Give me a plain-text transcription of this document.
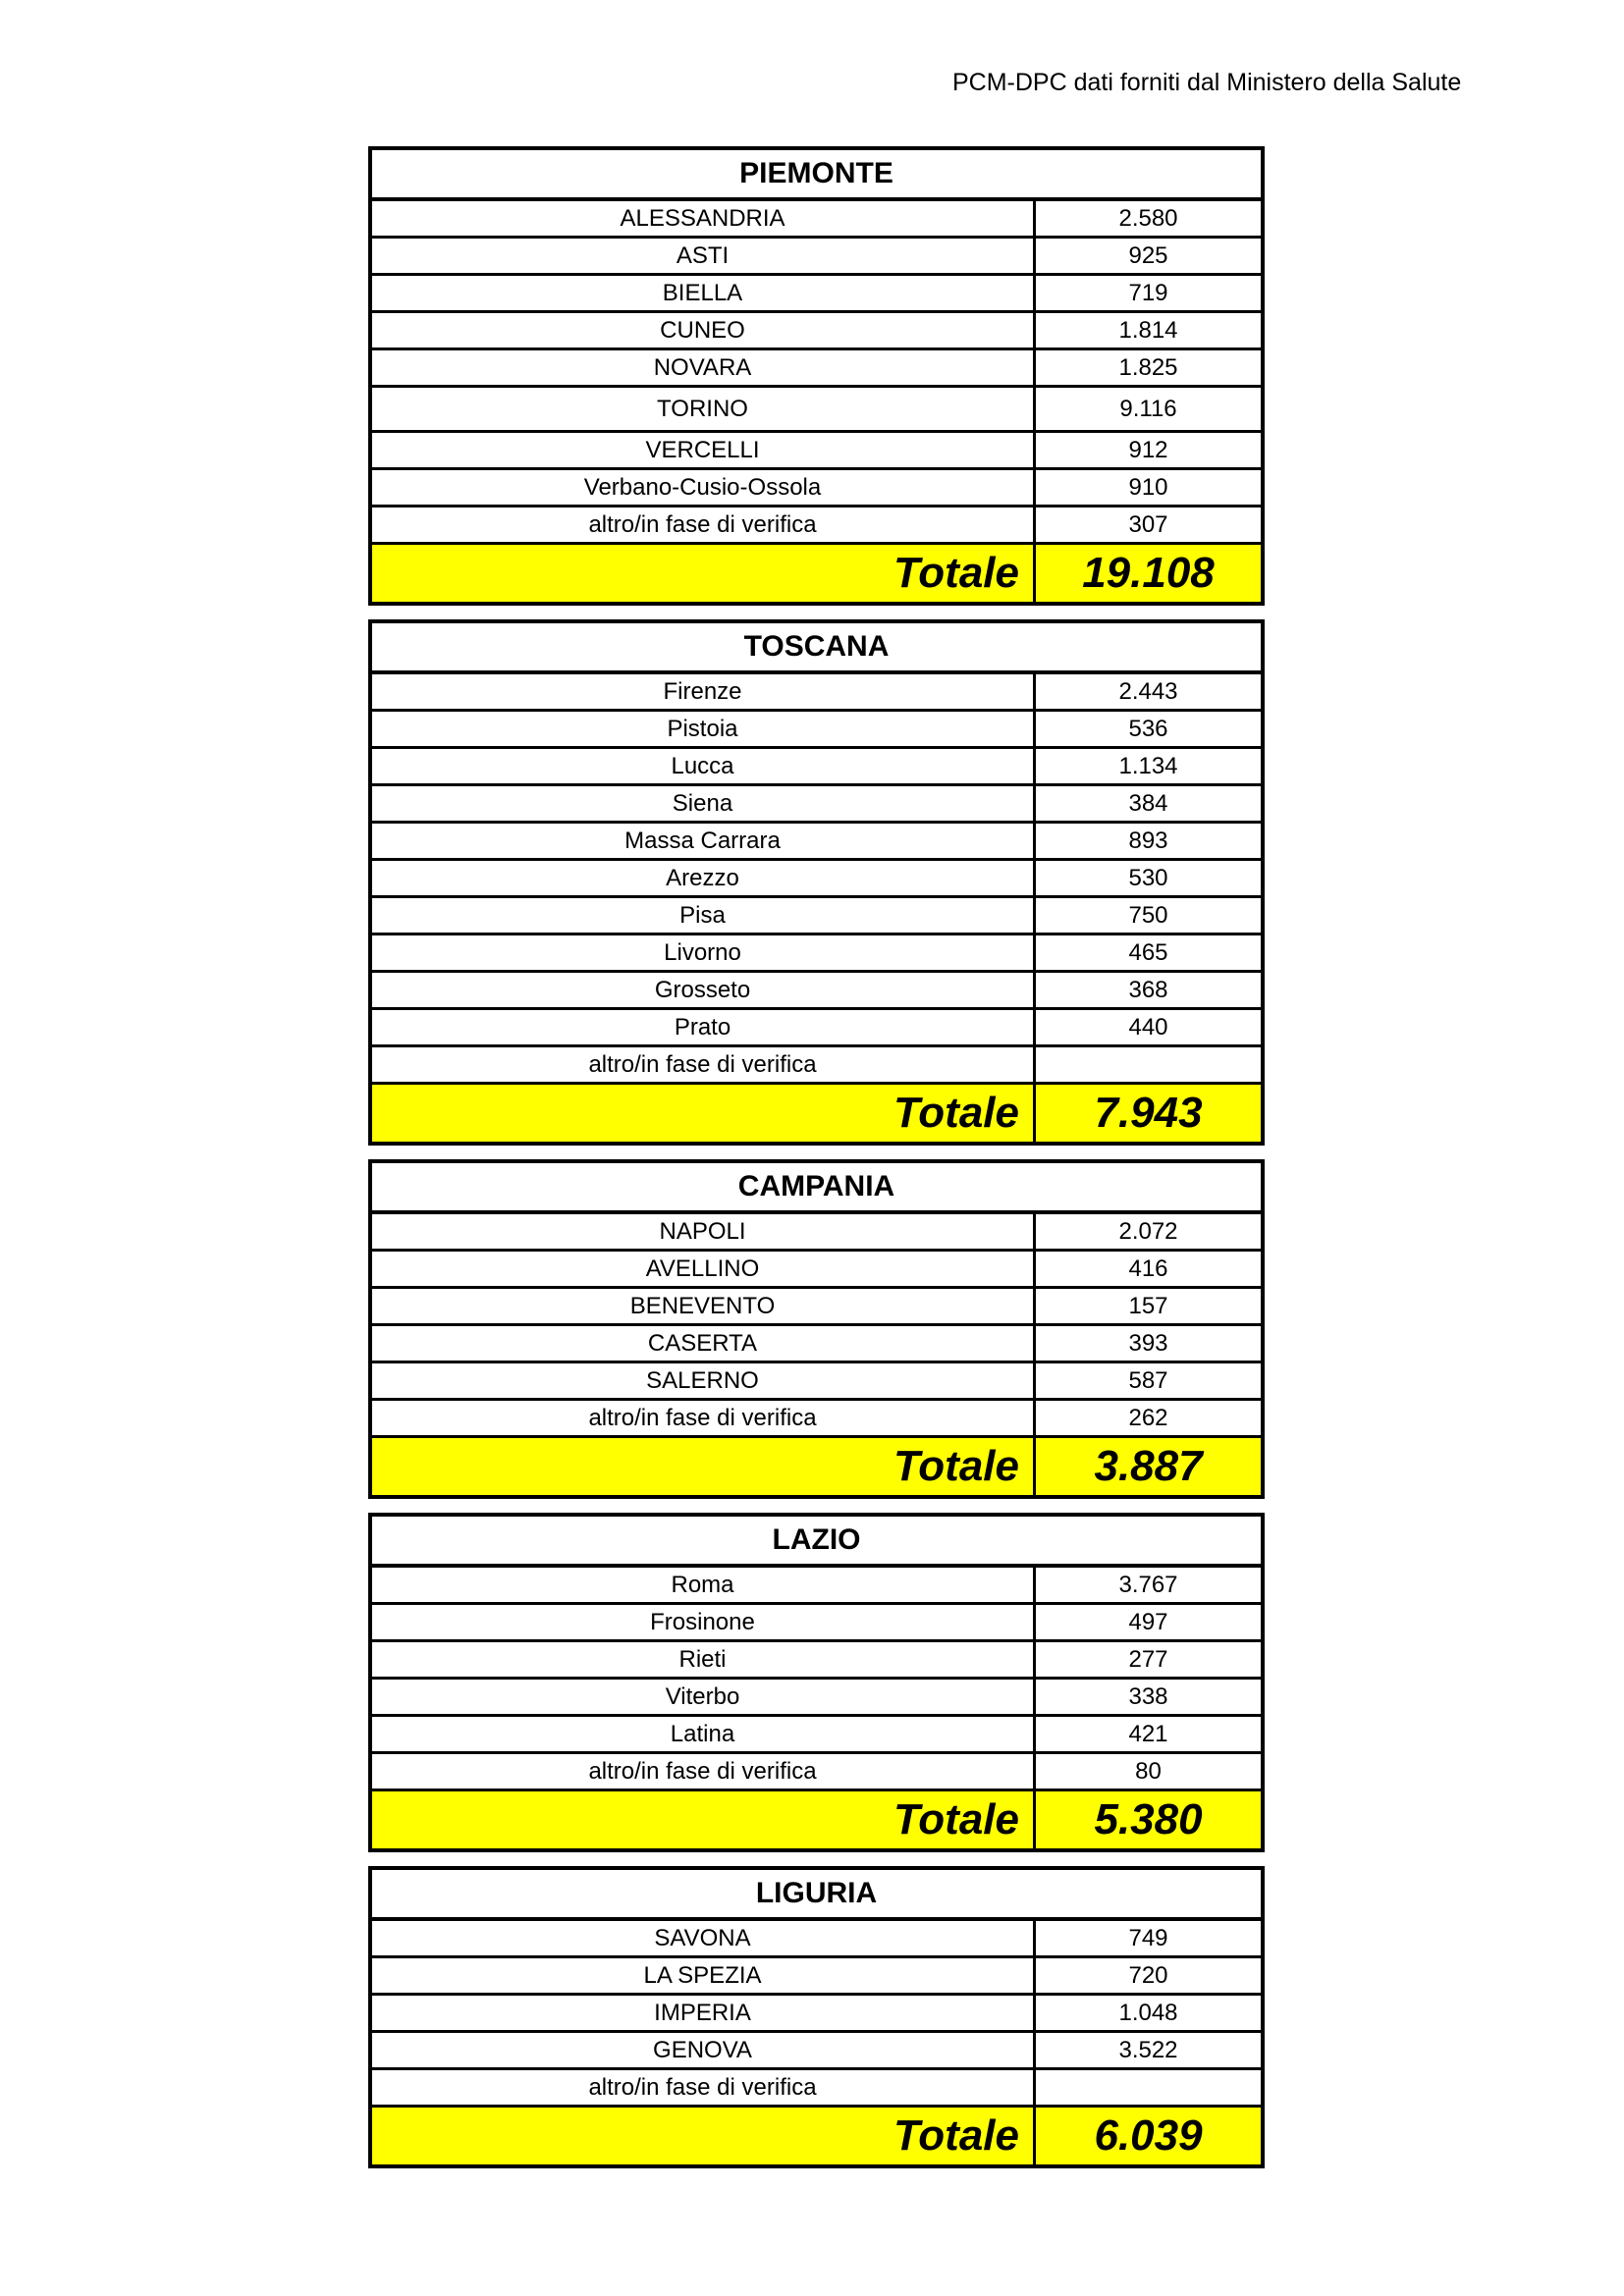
PCM-DPC dati forniti dal Ministero della Salute
PIEMONTE
ALESSANDRIA	2.580
ASTI	925
BIELLA	719
CUNEO	1.814
NOVARA	1.825
TORINO	9.116
VERCELLI	912
Verbano-Cusio-Ossola	910
altro/in fase di verifica	307
Totale	19.108
TOSCANA
Firenze	2.443
Pistoia	536
Lucca	1.134
Siena	384
Massa Carrara	893
Arezzo	530
Pisa	750
Livorno	465
Grosseto	368
Prato	440
altro/in fase di verifica
Totale	7.943
CAMPANIA
NAPOLI	2.072
AVELLINO	416
BENEVENTO	157
CASERTA	393
SALERNO	587
altro/in fase di verifica	262
Totale	3.887
LAZIO
Roma	3.767
Frosinone	497
Rieti	277
Viterbo	338
Latina	421
altro/in fase di verifica	80
Totale	5.380
LIGURIA
SAVONA	749
LA SPEZIA	720
IMPERIA	1.048
GENOVA	3.522
altro/in fase di verifica
Totale	6.039
